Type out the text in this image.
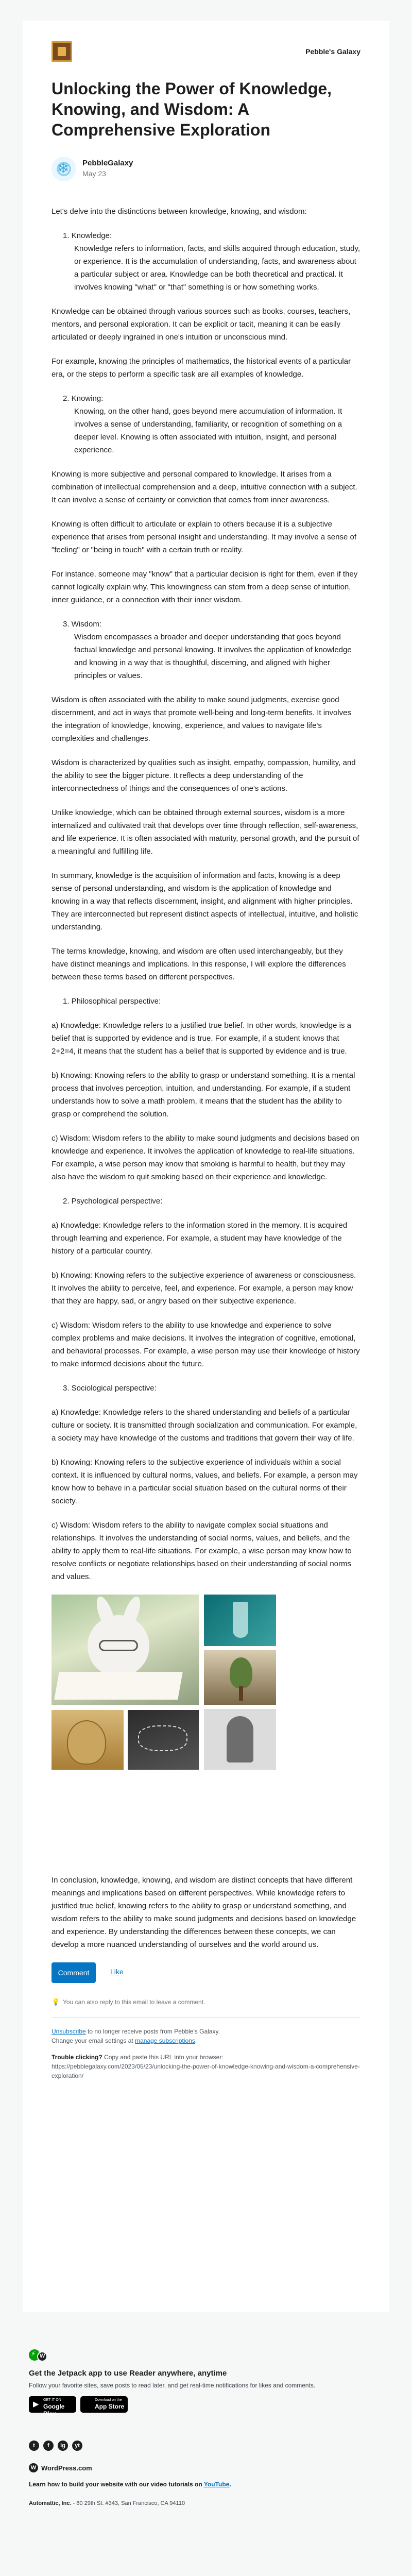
Pebble's Galaxy
Unlocking the Power of Knowledge, Knowing, and Wisdom: A Comprehensive Exploration
❄
PebbleGalaxy
May 23

Let's delve into the distinctions between knowledge, knowing, and wisdom:

1. Knowledge:

Knowledge refers to information, facts, and skills acquired through education, study, or experience. It is the accumulation of understanding, facts, and awareness about a particular subject or area. Knowledge can be both theoretical and practical. It involves knowing "what" or "that" something is or how something works.

Knowledge can be obtained through various sources such as books, courses, teachers, mentors, and personal exploration. It can be explicit or tacit, meaning it can be easily articulated or deeply ingrained in one's intuition or unconscious mind.

For example, knowing the principles of mathematics, the historical events of a particular era, or the steps to perform a specific task are all examples of knowledge.

2. Knowing:

Knowing, on the other hand, goes beyond mere accumulation of information. It involves a sense of understanding, familiarity, or recognition of something on a deeper level. Knowing is often associated with intuition, insight, and personal experience.

Knowing is more subjective and personal compared to knowledge. It arises from a combination of intellectual comprehension and a deep, intuitive connection with a subject. It can involve a sense of certainty or conviction that comes from inner awareness.

Knowing is often difficult to articulate or explain to others because it is a subjective experience that arises from personal insight and understanding. It may involve a sense of "feeling" or "being in touch" with a certain truth or reality.

For instance, someone may "know" that a particular decision is right for them, even if they cannot logically explain why. This knowingness can stem from a deep sense of intuition, inner guidance, or a connection with their inner wisdom.

3. Wisdom:

Wisdom encompasses a broader and deeper understanding that goes beyond factual knowledge and personal knowing. It involves the application of knowledge and knowing in a way that is thoughtful, discerning, and aligned with higher principles or values.

Wisdom is often associated with the ability to make sound judgments, exercise good discernment, and act in ways that promote well-being and long-term benefits. It involves the integration of knowledge, knowing, experience, and values to navigate life's complexities and challenges.

Wisdom is characterized by qualities such as insight, empathy, compassion, humility, and the ability to see the bigger picture. It reflects a deep understanding of the interconnectedness of things and the consequences of one's actions.

Unlike knowledge, which can be obtained through external sources, wisdom is a more internalized and cultivated trait that develops over time through reflection, self-awareness, and life experience. It is often associated with maturity, personal growth, and the pursuit of a meaningful and fulfilling life.

In summary, knowledge is the acquisition of information and facts, knowing is a deep sense of personal understanding, and wisdom is the application of knowledge and knowing in a way that reflects discernment, insight, and alignment with higher principles. They are interconnected but represent distinct aspects of intellectual, intuitive, and holistic understanding.

The terms knowledge, knowing, and wisdom are often used interchangeably, but they have distinct meanings and implications. In this response, I will explore the differences between these terms based on different perspectives.

1. Philosophical perspective:

a) Knowledge: Knowledge refers to a justified true belief. In other words, knowledge is a belief that is supported by evidence and is true. For example, if a student knows that 2+2=4, it means that the student has a belief that is supported by evidence and is true.

b) Knowing: Knowing refers to the ability to grasp or understand something. It is a mental process that involves perception, intuition, and understanding. For example, if a student understands how to solve a math problem, it means that the student has the ability to grasp or comprehend the solution.

c) Wisdom: Wisdom refers to the ability to make sound judgments and decisions based on knowledge and experience. It involves the application of knowledge to real-life situations. For example, a wise person may know that smoking is harmful to health, but they may also have the wisdom to quit smoking based on their experience and knowledge.

2. Psychological perspective:

a) Knowledge: Knowledge refers to the information stored in the memory. It is acquired through learning and experience. For example, a student may have knowledge of the history of a particular country.

b) Knowing: Knowing refers to the subjective experience of awareness or consciousness. It involves the ability to perceive, feel, and experience. For example, a person may know that they are happy, sad, or angry based on their subjective experience.

c) Wisdom: Wisdom refers to the ability to use knowledge and experience to solve complex problems and make decisions. It involves the integration of cognitive, emotional, and behavioral processes. For example, a wise person may use their knowledge of history to make informed decisions about the future.

3. Sociological perspective:

a) Knowledge: Knowledge refers to the shared understanding and beliefs of a particular culture or society. It is transmitted through socialization and communication. For example, a society may have knowledge of the customs and traditions that govern their way of life.

b) Knowing: Knowing refers to the subjective experience of individuals within a social context. It is influenced by cultural norms, values, and beliefs. For example, a person may know how to behave in a particular social situation based on the cultural norms of their society.

c) Wisdom: Wisdom refers to the ability to navigate complex social situations and relationships. It involves the understanding of social norms, values, and beliefs, and the ability to apply them to real-life situations. For example, a wise person may know how to resolve conflicts or negotiate relationships based on their understanding of social norms and values.

In conclusion, knowledge, knowing, and wisdom are distinct concepts that have different meanings and implications based on different perspectives. While knowledge refers to justified true belief, knowing refers to the ability to grasp or understand something, and wisdom refers to the ability to make sound judgments and decisions based on knowledge and experience. By understanding the differences between these concepts, we can develop a more nuanced understanding of ourselves and the world around us.

Comment	Like
💡 You can also reply to this email to leave a comment.
Unsubscribe to no longer receive posts from Pebble's Galaxy.
Change your email settings at manage subscriptions.
Trouble clicking? Copy and paste this URL into your browser:
https://pebblegalaxy.com/2023/05/23/unlocking-the-power-of-knowledge-knowing-and-wisdom-a-comprehensive-exploration/
⚡
W
Get the Jetpack app to use Reader anywhere, anytime
Follow your favorite sites, save posts to read later, and get real-time notifications for likes and comments.
▶ GET IT ON
Google Play
Download on the
App Store
t	f	ig	yt
W WordPress.com
Learn how to build your website with our video tutorials on YouTube.
Automattic, Inc. - 60 29th St. #343, San Francisco, CA 94110
